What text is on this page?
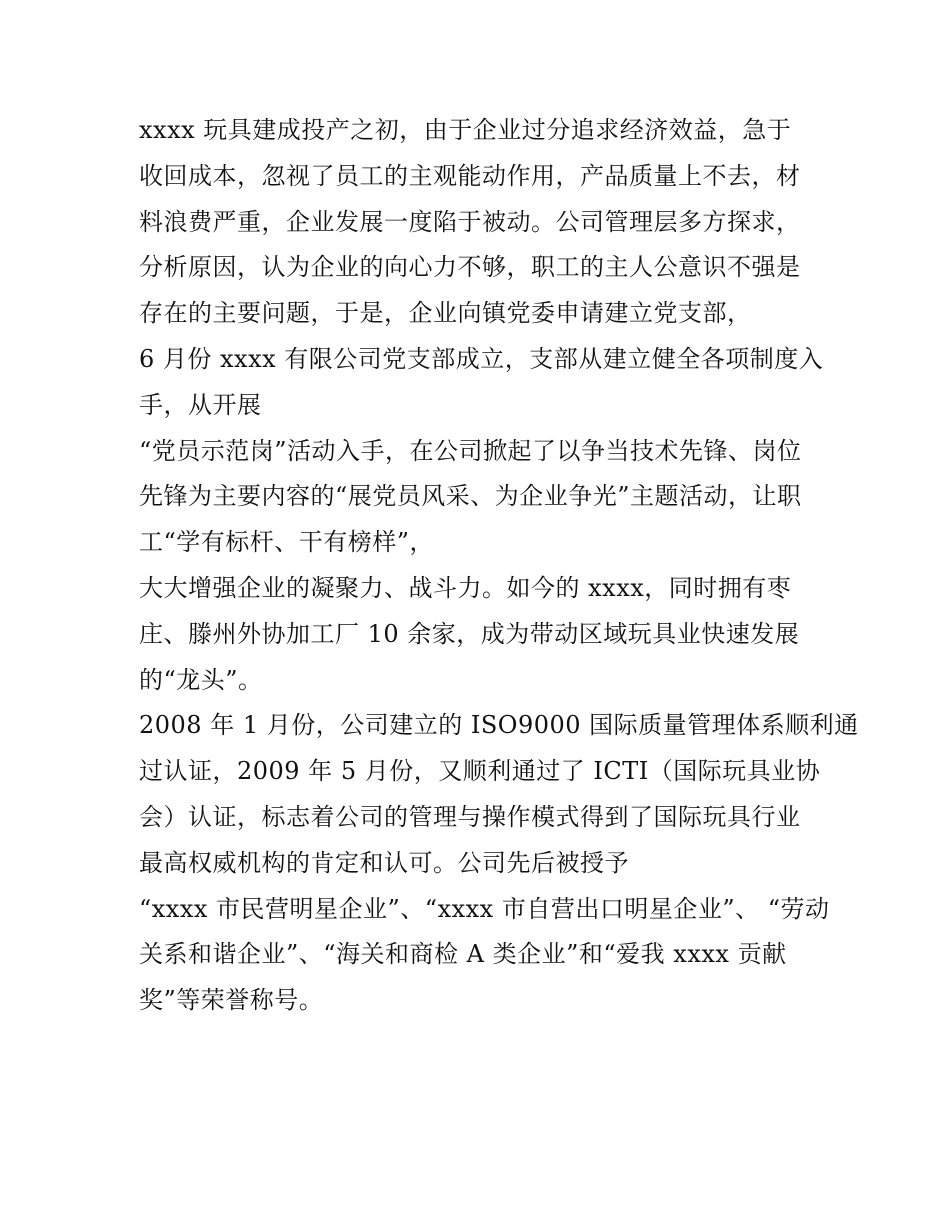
xxxx 玩具建成投产之初，由于企业过分追求经济效益，急于
收回成本，忽视了员工的主观能动作用，产品质量上不去，材
料浪费严重，企业发展一度陷于被动。公司管理层多方探求，
分析原因，认为企业的向心力不够，职工的主人公意识不强是
存在的主要问题，于是，企业向镇党委申请建立党支部，
6 月份 xxxx 有限公司党支部成立，支部从建立健全各项制度入
手，从开展
“党员示范岗”活动入手，在公司掀起了以争当技术先锋、岗位
先锋为主要内容的“展党员风采、为企业争光”主题活动，让职
工“学有标杆、干有榜样”，
大大增强企业的凝聚力、战斗力。如今的 xxxx，同时拥有枣
庄、滕州外协加工厂 10 余家，成为带动区域玩具业快速发展
的“龙头”。
2008 年 1 月份，公司建立的 ISO9000 国际质量管理体系顺利通
过认证，2009 年 5 月份，又顺利通过了 ICTI（国际玩具业协
会）认证，标志着公司的管理与操作模式得到了国际玩具行业
最高权威机构的肯定和认可。公司先后被授予
“xxxx 市民营明星企业”、“xxxx 市自营出口明星企业”、 “劳动
关系和谐企业”、“海关和商检 A 类企业”和“爱我 xxxx 贡献
奖”等荣誉称号。
